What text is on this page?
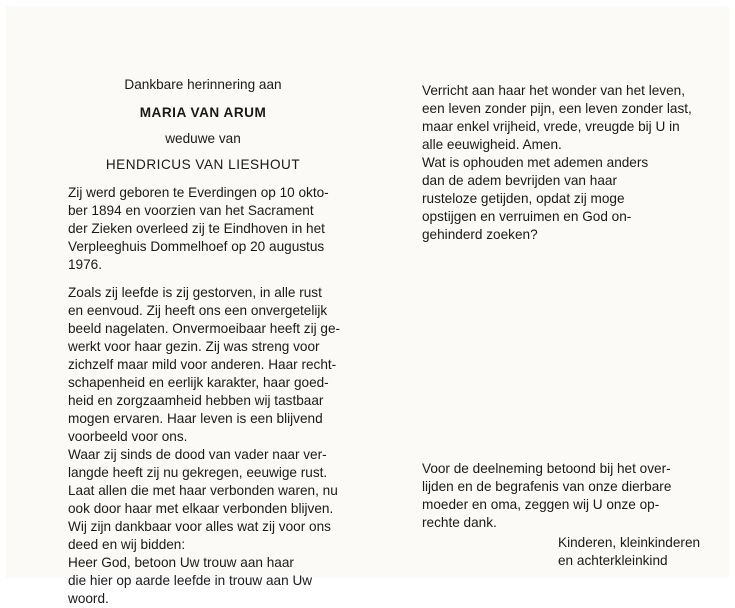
Dankbare herinnering aan
MARIA VAN ARUM
weduwe van
HENDRICUS VAN LIESHOUT
Zij werd geboren te Everdingen op 10 okto-
ber 1894 en voorzien van het Sacrament
der Zieken overleed zij te Eindhoven in het
Verpleeghuis Dommelhoef op 20 augustus
1976.
Zoals zij leefde is zij gestorven, in alle rust
en eenvoud. Zij heeft ons een onvergetelijk
beeld nagelaten. Onvermoeibaar heeft zij ge-
werkt voor haar gezin. Zij was streng voor
zichzelf maar mild voor anderen. Haar recht-
schapenheid en eerlijk karakter, haar goed-
heid en zorgzaamheid hebben wij tastbaar
mogen ervaren. Haar leven is een blijvend
voorbeeld voor ons.
Waar zij sinds de dood van vader naar ver-
langde heeft zij nu gekregen, eeuwige rust.
Laat allen die met haar verbonden waren, nu
ook door haar met elkaar verbonden blijven.
Wij zijn dankbaar voor alles wat zij voor ons
deed en wij bidden:
Heer God, betoon Uw trouw aan haar
die hier op aarde leefde in trouw aan Uw
woord.
Verricht aan haar het wonder van het leven,
een leven zonder pijn, een leven zonder last,
maar enkel vrijheid, vrede, vreugde bij U in
alle eeuwigheid. Amen.
Wat is ophouden met ademen anders
dan de adem bevrijden van haar
rusteloze getijden, opdat zij moge
opstijgen en verruimen en God on-
gehinderd zoeken?
Voor de deelneming betoond bij het over-
lijden en de begrafenis van onze dierbare
moeder en oma, zeggen wij U onze op-
rechte dank.
Kinderen, kleinkinderen
en achterkleinkind
